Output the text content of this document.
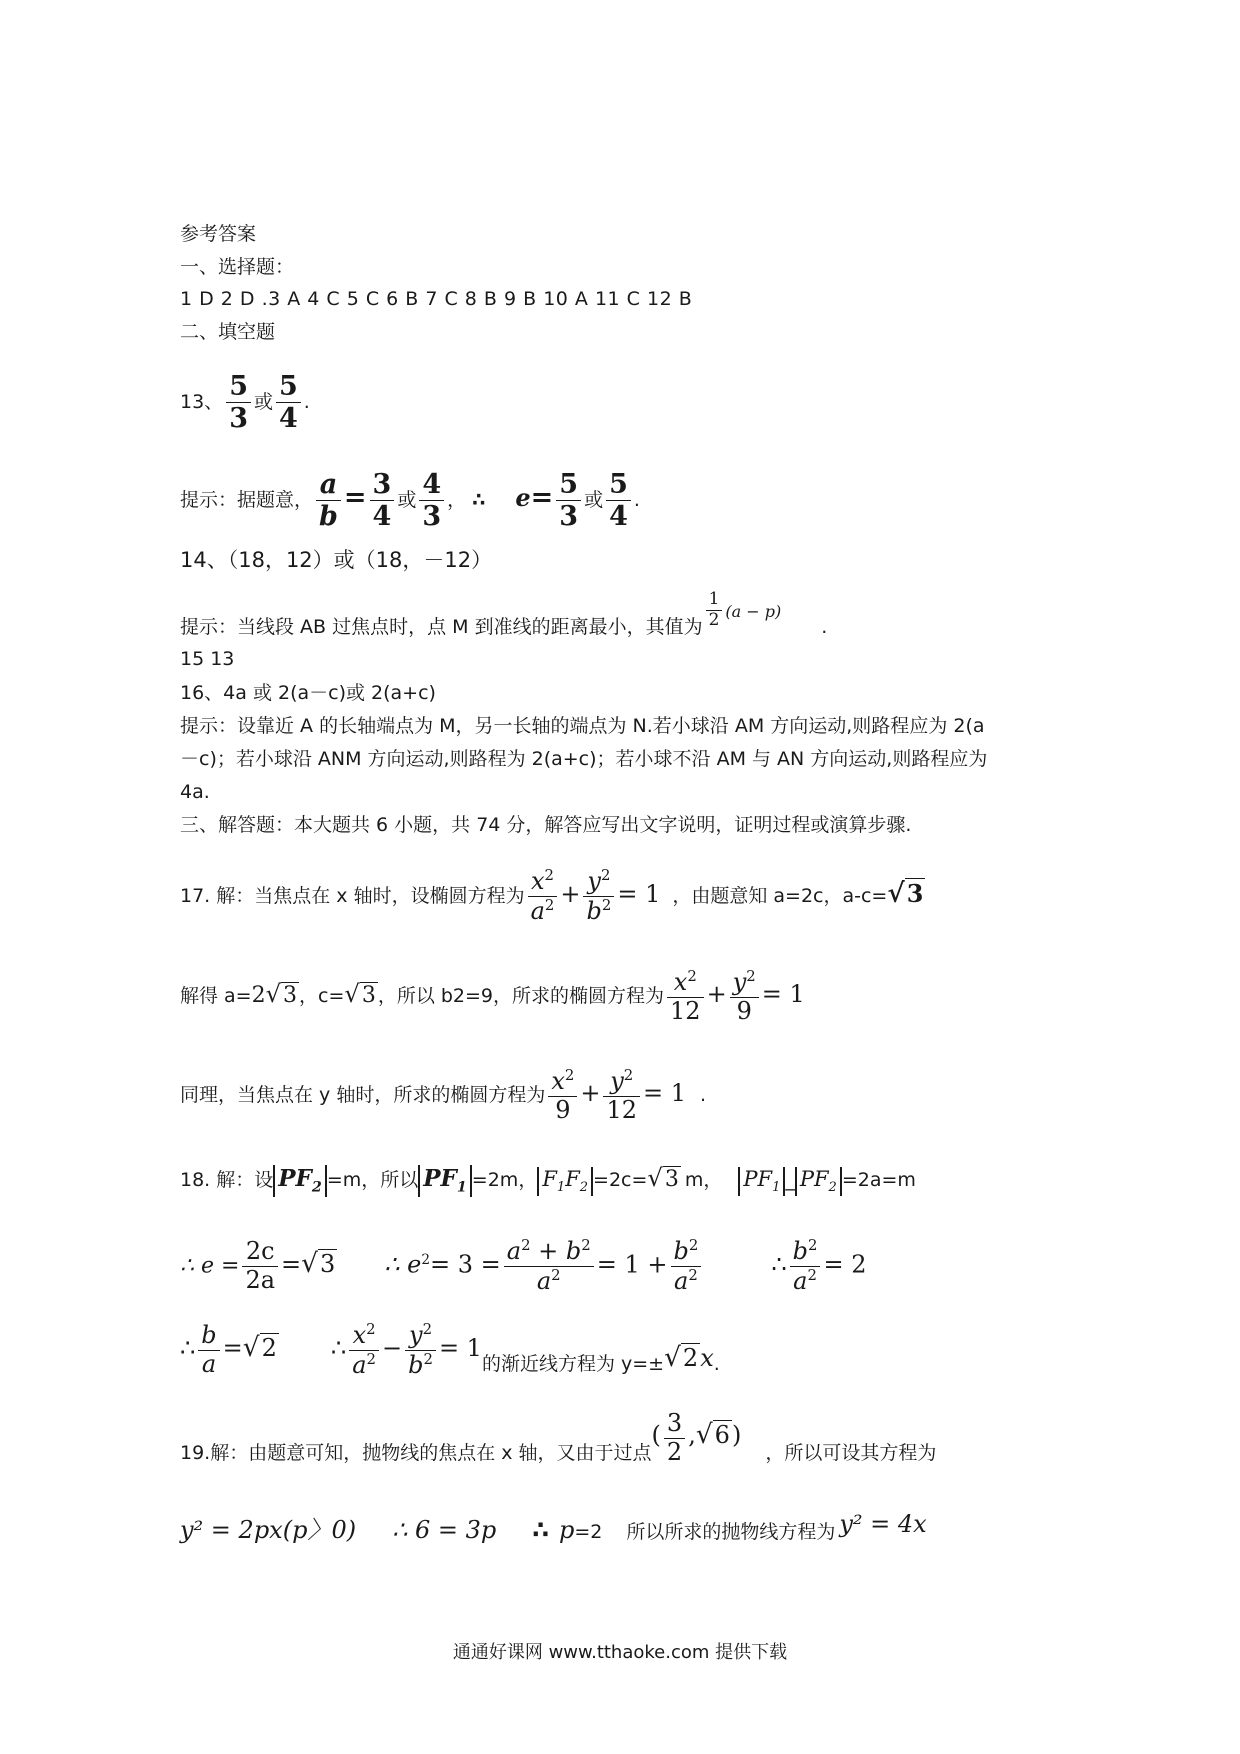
参考答案
一、选择题：
1 D 2 D .3 A 4 C 5 C 6 B 7 C 8 B 9 B 10 A 11 C 12 B
二、填空题
13、 $\frac{5}{3}$ 或 $\frac{5}{4}$ .
提示：据题意， $\frac{a}{b} = \frac{3}{4}$ 或 $\frac{4}{3}$ ， ∴ $e= \frac{5}{3}$ 或 $\frac{5}{4}$ .
14、（18，12）或（18，－12）
提示：当线段 AB 过焦点时，点 M 到准线的距离最小，其值为 $\frac{1}{2} ^{(a - p)}$.
15 13
16、4a 或 2(a－c)或 2(a+c)
提示：设靠近 A 的长轴端点为 M，另一长轴的端点为 N.若小球沿 AM 方向运动,则路程应为 2(a
－c)；若小球沿 ANM 方向运动,则路程为 2(a+c)；若小球不沿 AM 与 AN 方向运动,则路程应为
4a.
三、解答题：本大题共 6 小题，共 74 分，解答应写出文字说明，证明过程或演算步骤.
17. 解：当焦点在 x 轴时，设椭圆方程为 $\frac{x^2}{a^2} + \frac{y^2}{b^2} = 1$ ，由题意知 a=2c，a-c=√3
解得 a=2√3 ，c=√3 ，所以 b2=9，所求的椭圆方程为 $\frac{x^2}{12} + \frac{y^2}{9} = 1$
同理，当焦点在 y 轴时，所求的椭圆方程为 $\frac{x^2}{9} + \frac{y^2}{12} = 1$ .
18. 解：设 $PF_2 =m$，所以 $PF_1 =2m$， $F_1F_2 =2c=√3$ m， $PF_1$ _ $PF_2 =2a=m$
∴ $e = \frac{2c}{2a} =√3$ ∴ $e^2= 3 = \frac{a^2 + b^2}{a^2} = 1 + \frac{b^2}{a^2}$	∴ $\frac{b^2}{a^2} = 2$
∴ $\frac{b}{a} =√2$ ∴ $\frac{x^2}{a^2} - \frac{y^2}{b^2} = 1$的渐近线方程为 y=±√2x.
19.解：由题意可知，抛物线的焦点在 x 轴，又由于过点( $\frac{3}{2} ,√6$)，所以可设其方程为
y² = 2px(p〉0) ∴ 6 = 3p ∴ p=2 所以所求的抛物线方程为 y² = 4x
通通好课网 www.tthaoke.com 提供下载
